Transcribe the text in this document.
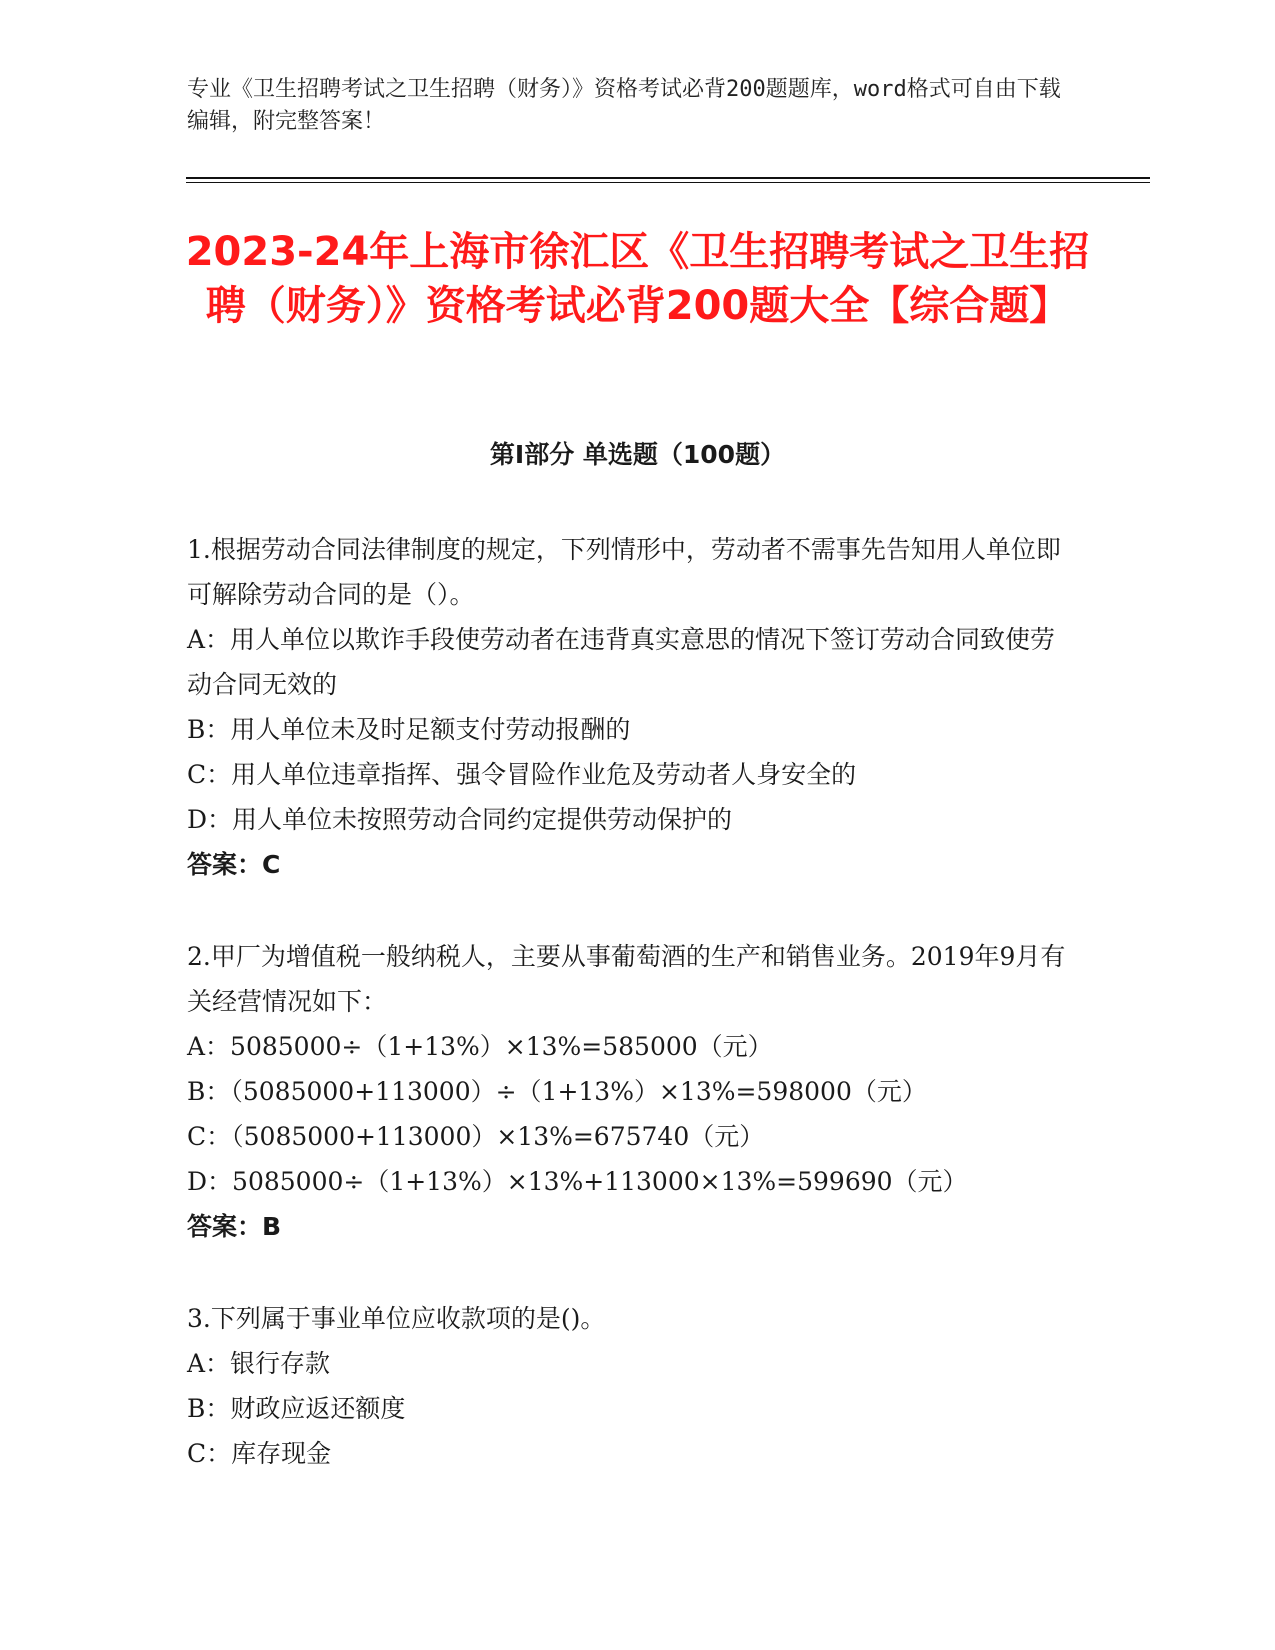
专业《卫生招聘考试之卫生招聘（财务）》资格考试必背200题题库，word格式可自由下载编辑，附完整答案！
2023-24年上海市徐汇区《卫生招聘考试之卫生招聘（财务）》资格考试必背200题大全【综合题】
第Ⅰ部分 单选题（100题）

1.根据劳动合同法律制度的规定，下列情形中，劳动者不需事先告知用人单位即可解除劳动合同的是（）。

A：用人单位以欺诈手段使劳动者在违背真实意思的情况下签订劳动合同致使劳动合同无效的

B：用人单位未及时足额支付劳动报酬的

C：用人单位违章指挥、强令冒险作业危及劳动者人身安全的

D：用人单位未按照劳动合同约定提供劳动保护的

答案：C

2.甲厂为增值税一般纳税人，主要从事葡萄酒的生产和销售业务。2019年9月有关经营情况如下：

A：5085000÷（1+13%）×13%=585000（元）

B：（5085000+113000）÷（1+13%）×13%=598000（元）

C：（5085000+113000）×13%=675740（元）

D：5085000÷（1+13%）×13%+113000×13%=599690（元）

答案：B

3.下列属于事业单位应收款项的是()。

A：银行存款

B：财政应返还额度

C：库存现金
